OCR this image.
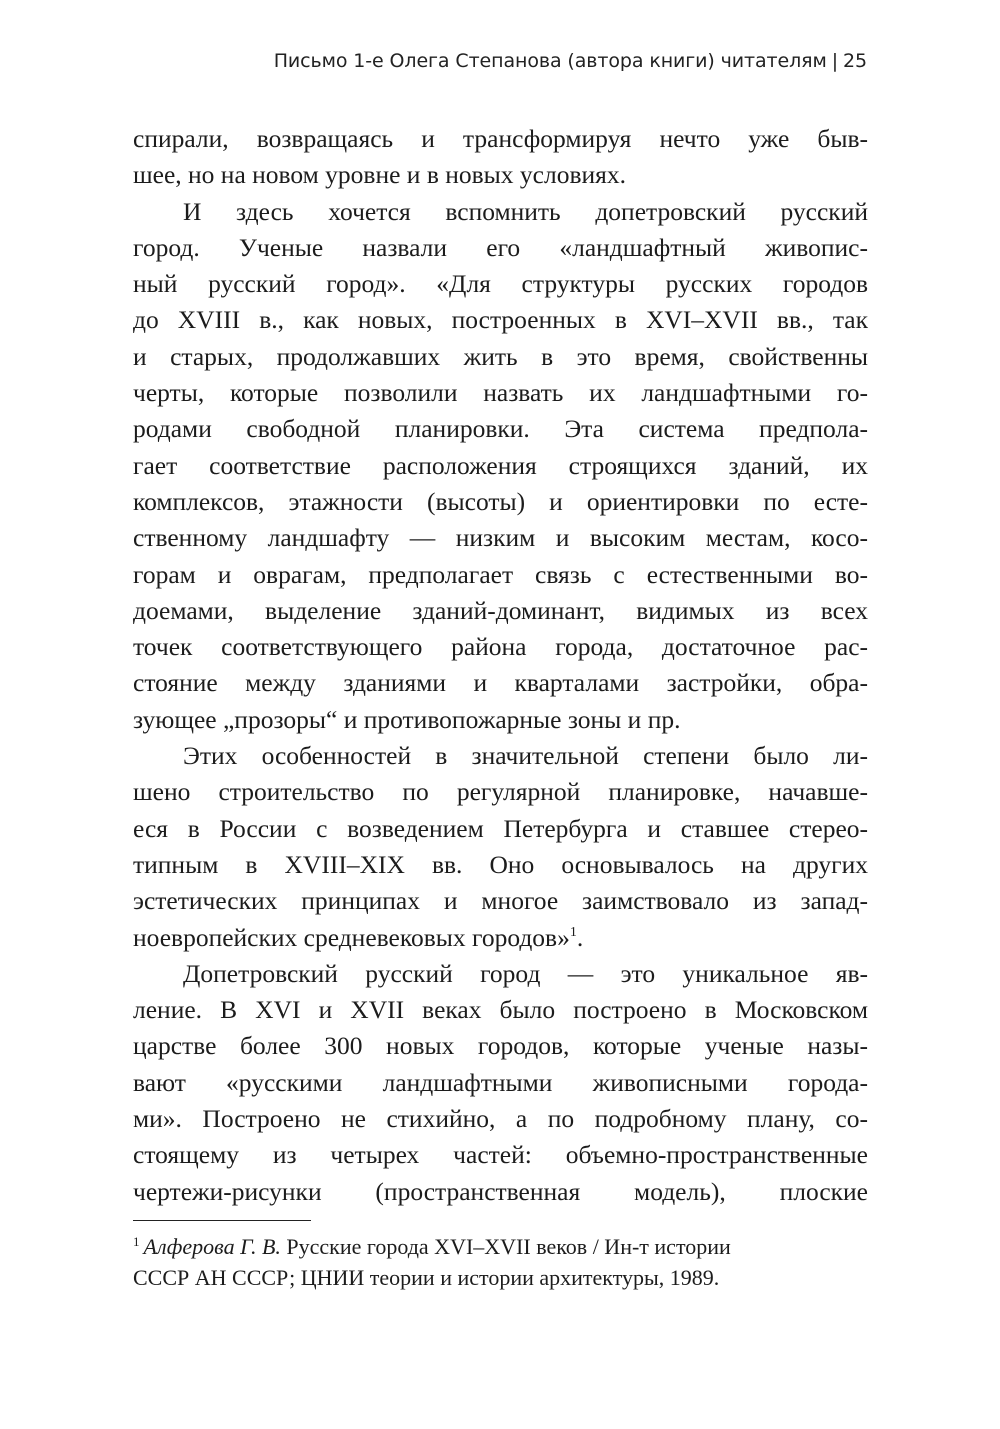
Письмо 1-е Олега Степанова (автора книги) читателям | 25
спирали, возвращаясь и трансформируя нечто уже быв-
шее, но на новом уровне и в новых условиях.
И здесь хочется вспомнить допетровский русский
город. Ученые назвали его «ландшафтный живопис-
ный русский город». «Для структуры русских городов
до XVIII в., как новых, построенных в XVI–XVII вв., так
и старых, продолжавших жить в это время, свойственны
черты, которые позволили назвать их ландшафтными го-
родами свободной планировки. Эта система предпола-
гает соответствие расположения строящихся зданий, их
комплексов, этажности (высоты) и ориентировки по есте-
ственному ландшафту — низким и высоким местам, косо-
горам и оврагам, предполагает связь с естественными во-
доемами, выделение зданий-доминант, видимых из всех
точек соответствующего района города, достаточное рас-
стояние между зданиями и кварталами застройки, обра-
зующее „прозоры“ и противопожарные зоны и пр.
Этих особенностей в значительной степени было ли-
шено строительство по регулярной планировке, начавше-
еся в России с возведением Петербурга и ставшее стерео-
типным в XVIII–XIX вв. Оно основывалось на других
эстетических принципах и многое заимствовало из запад-
ноевропейских средневековых городов»$^1$.
Допетровский русский город — это уникальное яв-
ление. В XVI и XVII веках было построено в Московском
царстве более 300 новых городов, которые ученые назы-
вают «русскими ландшафтными живописными города-
ми». Построено не стихийно, а по подробному плану, со-
стоящему из четырех частей: объемно-пространственные
чертежи-рисунки (пространственная модель), плоские
$^1$ Алферова Г. В. Русские города XVI–XVII веков / Ин-т истории
СССР АН СССР; ЦНИИ теории и истории архитектуры, 1989.
